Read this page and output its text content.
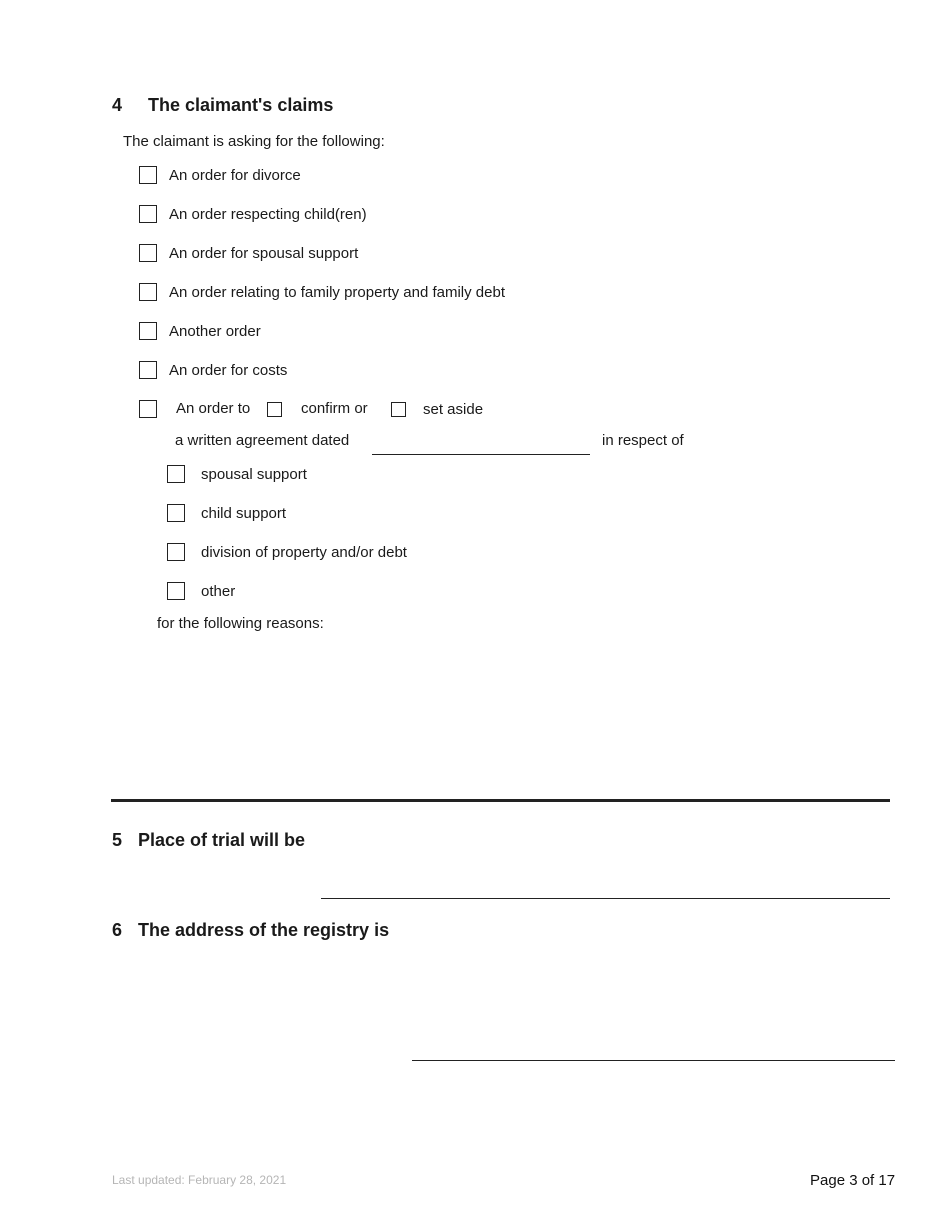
4 The claimant's claims
The claimant is asking for the following:
An order for divorce
An order respecting child(ren)
An order for spousal support
An order relating to family property and family debt
Another order
An order for costs
An order to	confirm or	set aside
a written agreement dated	in respect of
spousal support
child support
division of property and/or debt
other
for the following reasons:
5 Place of trial will be
6 The address of the registry is
Last updated: February 28, 2021	Page 3 of 17
